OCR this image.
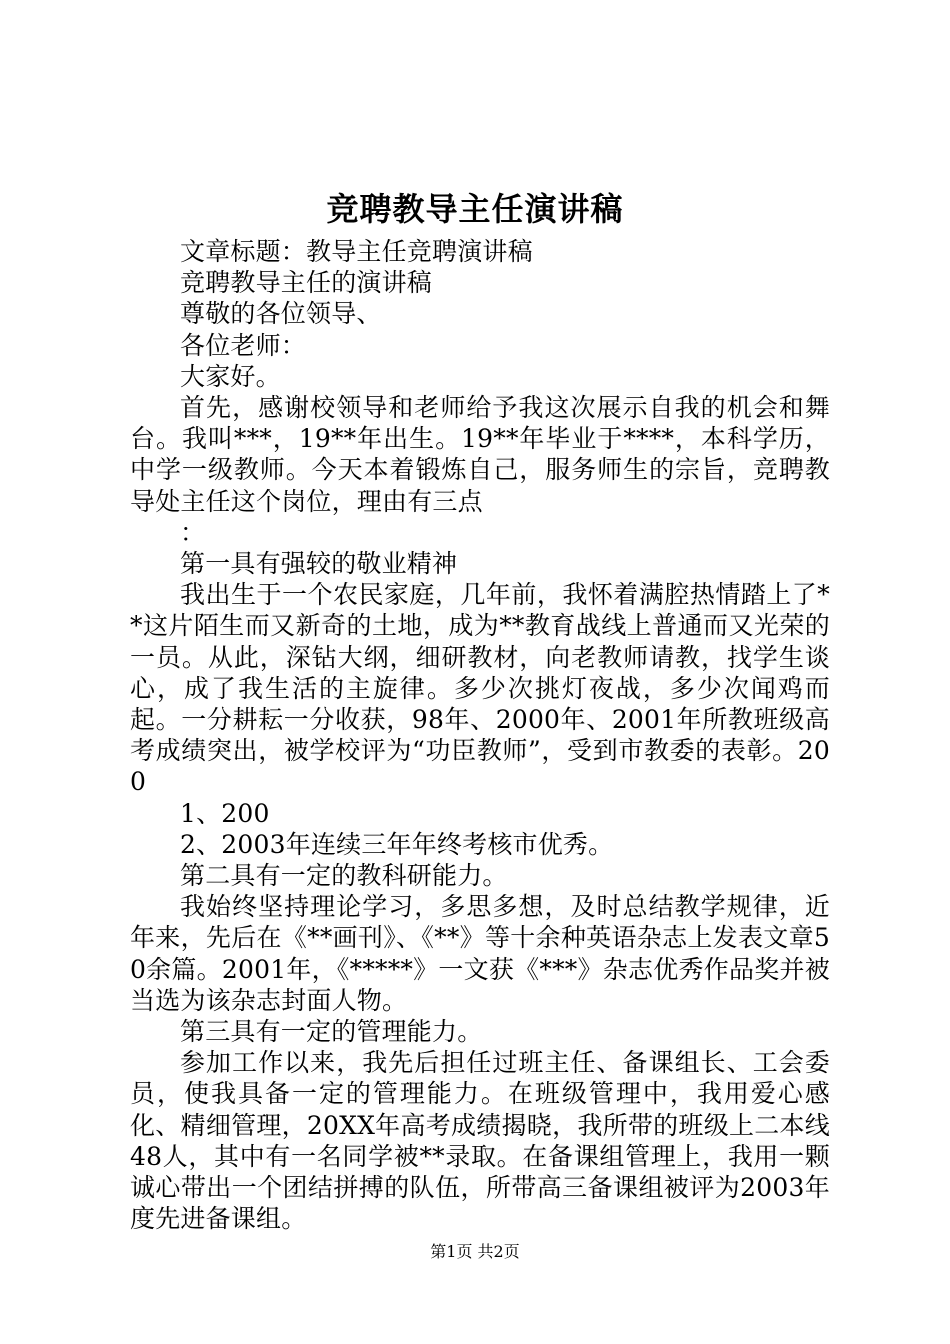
竞聘教导主任演讲稿

文章标题：教导主任竞聘演讲稿

竞聘教导主任的演讲稿

尊敬的各位领导、

各位老师：

大家好。

首先，感谢校领导和老师给予我这次展示自我的机会和舞台。我叫***，19**年出生。19**年毕业于****，本科学历，中学一级教师。今天本着锻炼自己，服务师生的宗旨，竞聘教导处主任这个岗位，理由有三点

：

第一具有强较的敬业精神

我出生于一个农民家庭，几年前，我怀着满腔热情踏上了**这片陌生而又新奇的土地，成为**教育战线上普通而又光荣的一员。从此，深钻大纲，细研教材，向老教师请教，找学生谈心，成了我生活的主旋律。多少次挑灯夜战，多少次闻鸡而起。一分耕耘一分收获，98年、2000年、2001年所教班级高考成绩突出，被学校评为“功臣教师”，受到市教委的表彰。200

1、200

2、2003年连续三年年终考核市优秀。

第二具有一定的教科研能力。

我始终坚持理论学习，多思多想，及时总结教学规律，近年来，先后在《**画刊》、《**》等十余种英语杂志上发表文章50余篇。2001年，《*****》一文获《***》杂志优秀作品奖并被当选为该杂志封面人物。

第三具有一定的管理能力。

参加工作以来，我先后担任过班主任、备课组长、工会委员，使我具备一定的管理能力。在班级管理中，我用爱心感化、精细管理，20XX年高考成绩揭晓，我所带的班级上二本线48人，其中有一名同学被**录取。在备课组管理上，我用一颗诚心带出一个团结拼搏的队伍，所带高三备课组被评为2003年度先进备课组。

第1页 共2页
